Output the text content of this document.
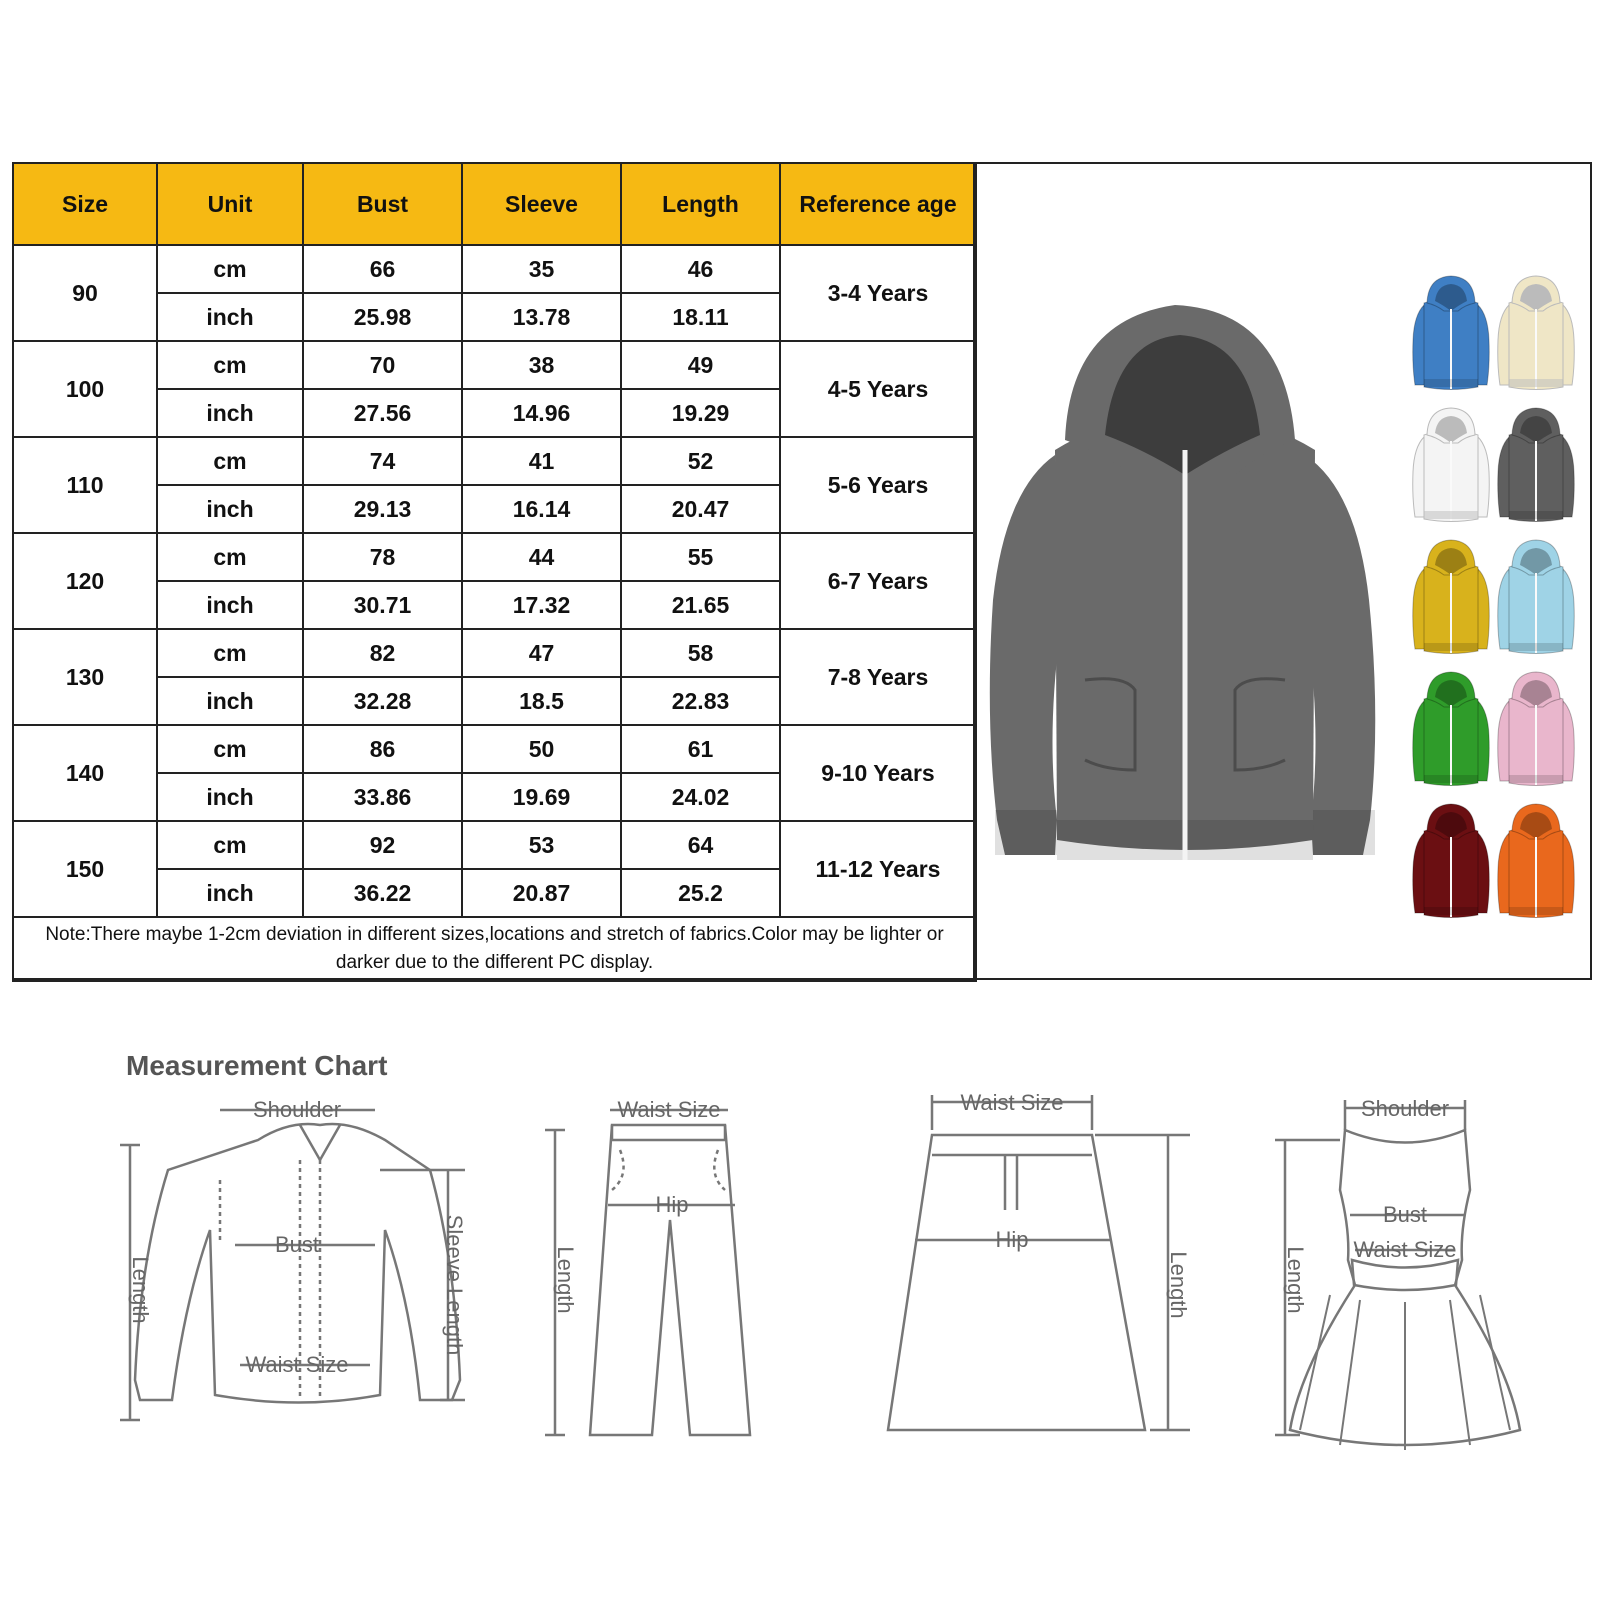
Size	Unit	Bust	Sleeve	Length	Reference age
90	cm	66	35	46	3-4 Years
	inch	25.98	13.78	18.11	
100	cm	70	38	49	4-5 Years
	inch	27.56	14.96	19.29	
110	cm	74	41	52	5-6 Years
	inch	29.13	16.14	20.47	
120	cm	78	44	55	6-7 Years
	inch	30.71	17.32	21.65	
130	cm	82	47	58	7-8 Years
	inch	32.28	18.5	22.83	
140	cm	86	50	61	9-10 Years
	inch	33.86	19.69	24.02	
150	cm	92	53	64	11-12 Years
	inch	36.22	20.87	25.2	
Note:There maybe 1-2cm deviation in different sizes,locations and stretch of fabrics.Color may be lighter or darker due to the different PC display.					
Measurement Chart
Shoulder
Bust
Waist Size
Sleeve Length
Length
Waist Size
Hip
Length
Waist Size
Hip
Length
Shoulder
Bust
Waist Size
Length
